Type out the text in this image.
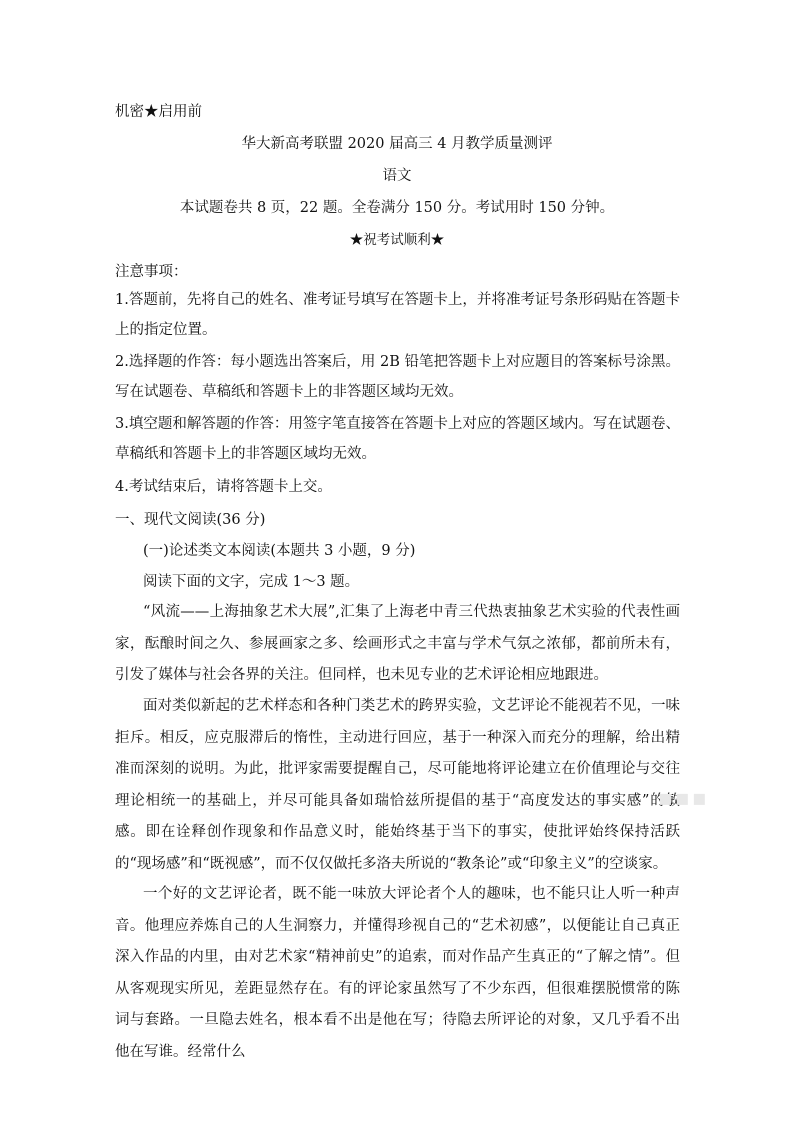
机密★启用前
华大新高考联盟 2020 届高三 4 月教学质量测评
语文
本试题卷共 8 页，22 题。全卷满分 150 分。考试用时 150 分钟。
★祝考试顺利★
注意事项：
1.答题前，先将自己的姓名、准考证号填写在答题卡上，并将准考证号条形码贴在答题卡上的指定位置。
2.选择题的作答：每小题选出答案后，用 2B 铅笔把答题卡上对应题目的答案标号涂黑。写在试题卷、草稿纸和答题卡上的非答题区域均无效。
3.填空题和解答题的作答：用签字笔直接答在答题卡上对应的答题区域内。写在试题卷、草稿纸和答题卡上的非答题区域均无效。
4.考试结束后，请将答题卡上交。
一、现代文阅读(36 分)
(一)论述类文本阅读(本题共 3 小题，9 分)
阅读下面的文字，完成 1～3 题。
“风流——上海抽象艺术大展”,汇集了上海老中青三代热衷抽象艺术实验的代表性画家，酝酿时间之久、参展画家之多、绘画形式之丰富与学术气氛之浓郁，都前所未有，引发了媒体与社会各界的关注。但同样，也未见专业的艺术评论相应地跟进。
面对类似新起的艺术样态和各种门类艺术的跨界实验，文艺评论不能视若不见，一味拒斥。相反，应克服滞后的惰性，主动进行回应，基于一种深入而充分的理解，给出精准而深刻的说明。为此，批评家需要提醒自己，尽可能地将评论建立在价值理论与交往理论相统一的基础上，并尽可能具备如瑞恰兹所提倡的基于“高度发达的事实感”的敏感。即在诠释创作现象和作品意义时，能始终基于当下的事实，使批评始终保持活跃的“现场感”和“既视感”，而不仅仅做托多洛夫所说的“教条论”或“印象主义”的空谈家。
一个好的文艺评论者，既不能一味放大评论者个人的趣味，也不能只让人听一种声音。他理应养炼自己的人生洞察力，并懂得珍视自己的“艺术初感”，以便能让自己真正深入作品的内里，由对艺术家“精神前史”的追索，而对作品产生真正的“了解之情”。但从客观现实所见，差距显然存在。有的评论家虽然写了不少东西，但很难摆脱惯常的陈词与套路。一旦隐去姓名，根本看不出是他在写；待隐去所评论的对象，又几乎看不出他在写谁。经常什么
▪▪▪
